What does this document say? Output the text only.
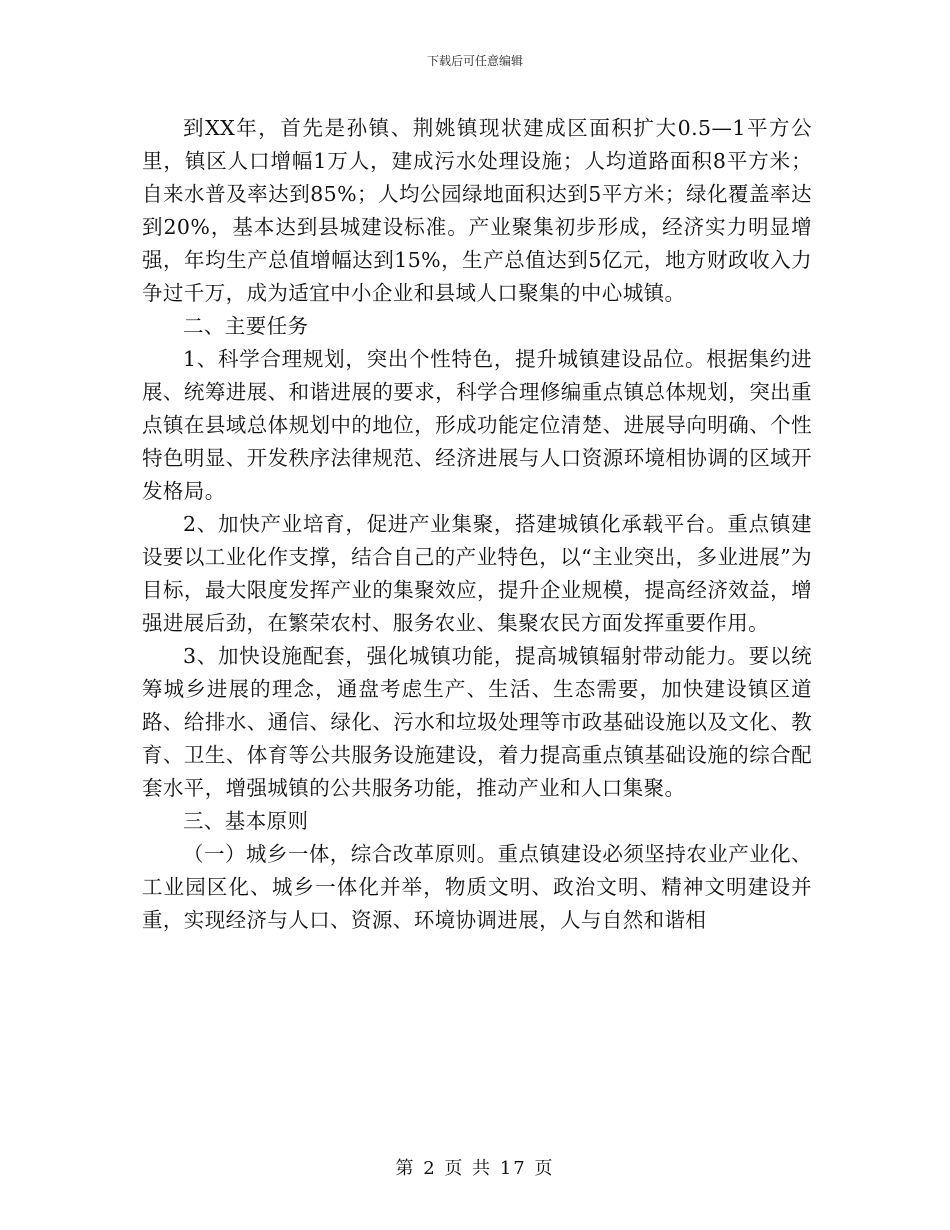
下载后可任意编辑

到XX年，首先是孙镇、荆姚镇现状建成区面积扩大0.5—1平方公里，镇区人口增幅1万人，建成污水处理设施；人均道路面积8平方米；自来水普及率达到85%；人均公园绿地面积达到5平方米；绿化覆盖率达到20%，基本达到县城建设标准。产业聚集初步形成，经济实力明显增强，年均生产总值增幅达到15%，生产总值达到5亿元，地方财政收入力争过千万，成为适宜中小企业和县域人口聚集的中心城镇。

二、主要任务

1、科学合理规划，突出个性特色，提升城镇建设品位。根据集约进展、统筹进展、和谐进展的要求，科学合理修编重点镇总体规划，突出重点镇在县域总体规划中的地位，形成功能定位清楚、进展导向明确、个性特色明显、开发秩序法律规范、经济进展与人口资源环境相协调的区域开发格局。

2、加快产业培育，促进产业集聚，搭建城镇化承载平台。重点镇建设要以工业化作支撑，结合自己的产业特色，以“主业突出，多业进展”为目标，最大限度发挥产业的集聚效应，提升企业规模，提高经济效益，增强进展后劲，在繁荣农村、服务农业、集聚农民方面发挥重要作用。

3、加快设施配套，强化城镇功能，提高城镇辐射带动能力。要以统筹城乡进展的理念，通盘考虑生产、生活、生态需要，加快建设镇区道路、给排水、通信、绿化、污水和垃圾处理等市政基础设施以及文化、教育、卫生、体育等公共服务设施建设，着力提高重点镇基础设施的综合配套水平，增强城镇的公共服务功能，推动产业和人口集聚。

三、基本原则

（一）城乡一体，综合改革原则。重点镇建设必须坚持农业产业化、工业园区化、城乡一体化并举，物质文明、政治文明、精神文明建设并重，实现经济与人口、资源、环境协调进展，人与自然和谐相

第 2 页 共 17 页
